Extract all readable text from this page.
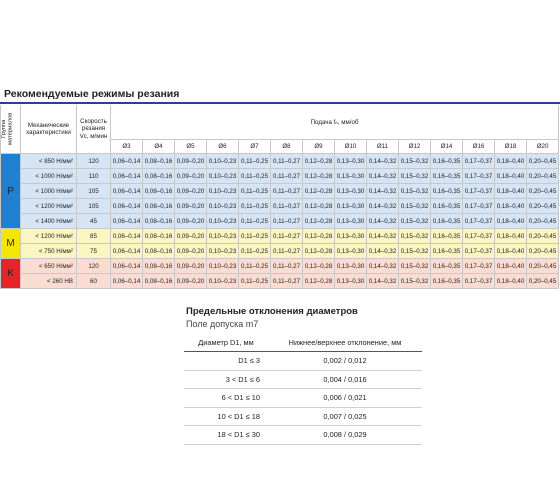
Рекомендуемые режимы резания
Группа материалов	Механические характеристики	Скорость резания Vc, м/мин	Подача fₙ, мм/об													
			Ø3	Ø4	Ø5	Ø6	Ø7	Ø8	Ø9	Ø10	Ø11	Ø12	Ø14	Ø16	Ø18	Ø20
P	< 850 Н/мм²	120	0,06–0,14	0,08–0,16	0,09–0,20	0,10–0,23	0,11–0,25	0,11–0,27	0,12–0,28	0,13–0,30	0,14–0,32	0,15–0,32	0,16–0,35	0,17–0,37	0,18–0,40	0,20–0,45
	< 1000 Н/мм²	110	0,06–0,14	0,08–0,16	0,09–0,20	0,10–0,23	0,11–0,25	0,11–0,27	0,12–0,28	0,13–0,30	0,14–0,32	0,15–0,32	0,16–0,35	0,17–0,37	0,18–0,40	0,20–0,45
	< 1000 Н/мм²	105	0,06–0,14	0,08–0,16	0,09–0,20	0,10–0,23	0,11–0,25	0,11–0,27	0,12–0,28	0,13–0,30	0,14–0,32	0,15–0,32	0,16–0,35	0,17–0,37	0,18–0,40	0,20–0,45
	< 1200 Н/мм²	105	0,06–0,14	0,08–0,16	0,09–0,20	0,10–0,23	0,11–0,25	0,11–0,27	0,12–0,28	0,13–0,30	0,14–0,32	0,15–0,32	0,16–0,35	0,17–0,37	0,18–0,40	0,20–0,45
	< 1400 Н/мм²	45	0,06–0,14	0,08–0,16	0,09–0,20	0,10–0,23	0,11–0,25	0,11–0,27	0,12–0,28	0,13–0,30	0,14–0,32	0,15–0,32	0,16–0,35	0,17–0,37	0,18–0,40	0,20–0,45
M	< 1200 Н/мм²	85	0,06–0,14	0,08–0,16	0,09–0,20	0,10–0,23	0,11–0,25	0,11–0,27	0,12–0,28	0,13–0,30	0,14–0,32	0,15–0,32	0,16–0,35	0,17–0,37	0,18–0,40	0,20–0,45
	< 750 Н/мм²	75	0,06–0,14	0,08–0,16	0,09–0,20	0,10–0,23	0,11–0,25	0,11–0,27	0,12–0,28	0,13–0,30	0,14–0,32	0,15–0,32	0,16–0,35	0,17–0,37	0,18–0,40	0,20–0,45
K	< 650 Н/мм²	120	0,06–0,14	0,08–0,16	0,09–0,20	0,10–0,23	0,11–0,25	0,11–0,27	0,12–0,28	0,13–0,30	0,14–0,32	0,15–0,32	0,16–0,35	0,17–0,37	0,18–0,40	0,20–0,45
	< 260 НВ	60	0,06–0,14	0,08–0,16	0,09–0,20	0,10–0,23	0,11–0,25	0,11–0,27	0,12–0,28	0,13–0,30	0,14–0,32	0,15–0,32	0,16–0,35	0,17–0,37	0,18–0,40	0,20–0,45
Предельные отклонения диаметров
Поле допуска m7
Диаметр D1, мм	Нижнее/верхнее отклонение, мм
D1 ≤ 3	0,002 / 0,012
3 < D1 ≤ 6	0,004 / 0,016
6 < D1 ≤ 10	0,006 / 0,021
10 < D1 ≤ 18	0,007 / 0,025
18 < D1 ≤ 30	0,008 / 0,029
